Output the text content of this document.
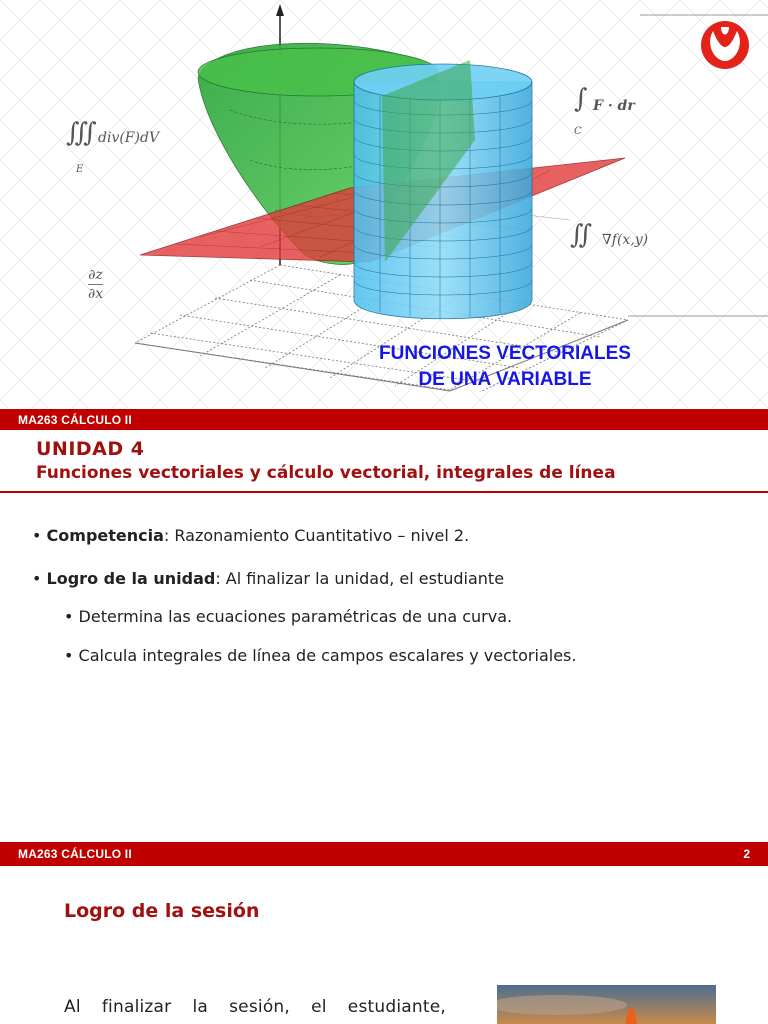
∭ div(F)dV
E
∫ F · dr
C
∬ ∇f(x,y)
$\frac{\partial z}{\partial x}$
FUNCIONES VECTORIALES
DE UNA VARIABLE
MA263 CÁLCULO II
UNIDAD 4
Funciones vectoriales y cálculo vectorial, integrales de línea
• Competencia: Razonamiento Cuantitativo – nivel 2.
• Logro de la unidad: Al finalizar la unidad, el estudiante
• Determina las ecuaciones paramétricas de una curva.
• Calcula integrales de línea de campos escalares y vectoriales.
MA263 CÁLCULO II	2
Logro de la sesión
Al finalizar la sesión, el estudiante,
